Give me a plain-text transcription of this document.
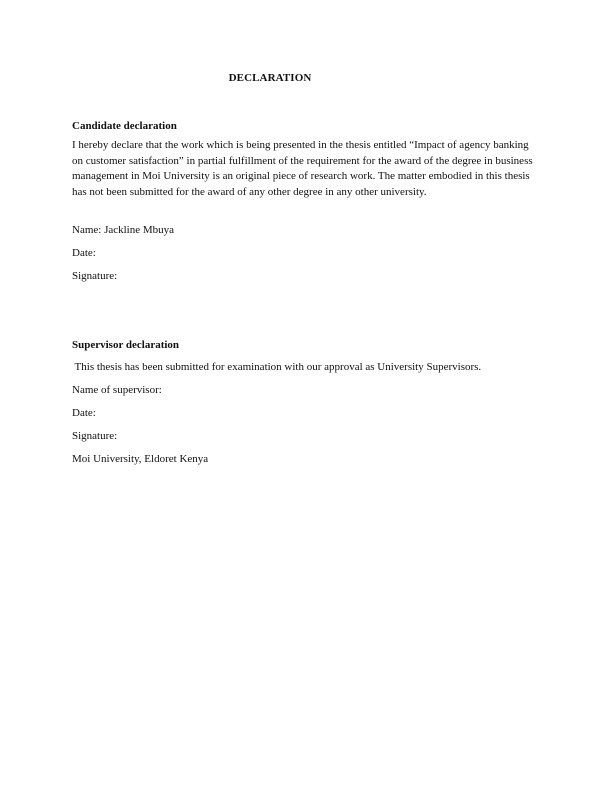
DECLARATION
Candidate declaration
I hereby declare that the work which is being presented in the thesis entitled “Impact of agency banking on customer satisfaction” in partial fulfillment of the requirement for the award of the degree in business management in Moi University is an original piece of research work. The matter embodied in this thesis has not been submitted for the award of any other degree in any other university.
Name: Jackline Mbuya
Date:
Signature:
Supervisor declaration
This thesis has been submitted for examination with our approval as University Supervisors.
Name of supervisor:
Date:
Signature:
Moi University, Eldoret Kenya
